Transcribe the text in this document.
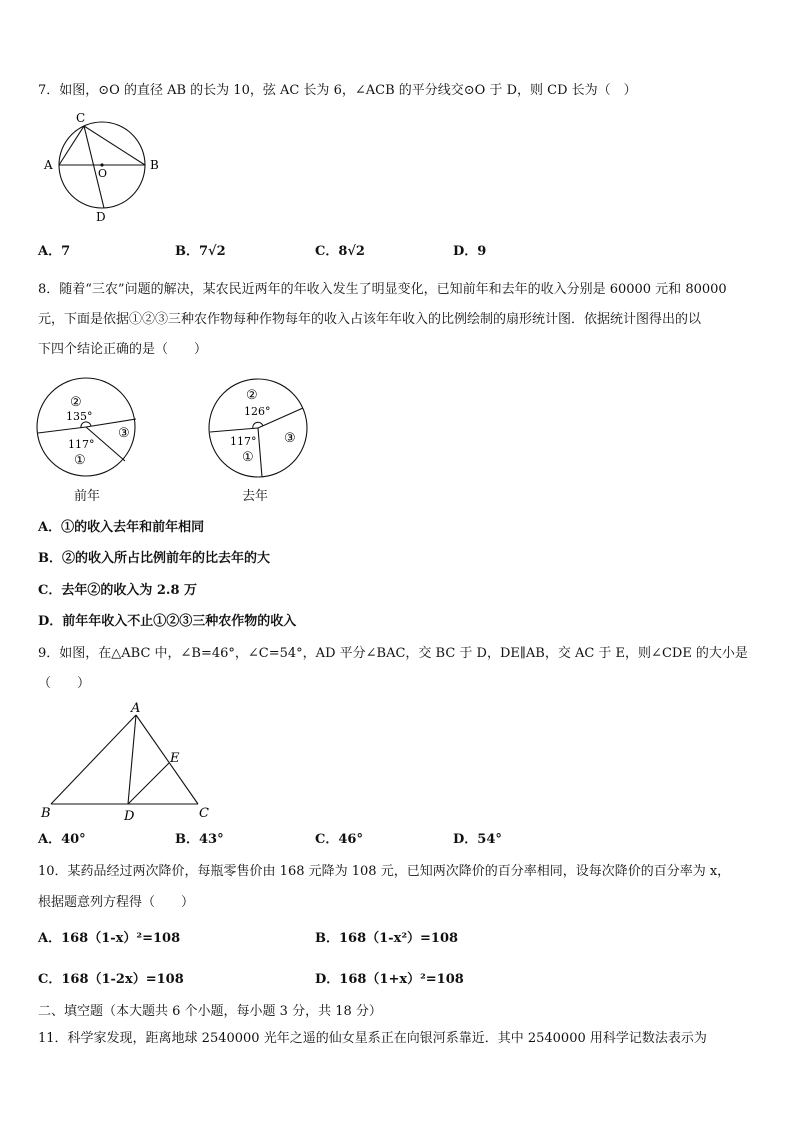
7．如图，⊙O 的直径 AB 的长为 10，弦 AC 长为 6，∠ACB 的平分线交⊙O 于 D，则 CD 长为（　）
A	B
C
D
O
A．7	B．7√2	C．8√2	D．9
8．随着“三农”问题的解决，某农民近两年的年收入发生了明显变化，已知前年和去年的收入分别是 60000 元和 80000
元，下面是依据①②③三种农作物每种作物每年的收入占该年年收入的比例绘制的扇形统计图．依据统计图得出的以
下四个结论正确的是（　　）
②
135°
117°
①
③
前年
②
126°
117°
①
③
去年
A．①的收入去年和前年相同
B．②的收入所占比例前年的比去年的大
C．去年②的收入为 2.8 万
D．前年年收入不止①②③三种农作物的收入
9．如图，在△ABC 中，∠B=46°，∠C=54°，AD 平分∠BAC，交 BC 于 D，DE∥AB，交 AC 于 E，则∠CDE 的大小是
（　　）
A
B	C
D
E
A．40°	B．43°	C．46°	D．54°
10．某药品经过两次降价，每瓶零售价由 168 元降为 108 元，已知两次降价的百分率相同，设每次降价的百分率为 x，
根据题意列方程得（　　）
A．168（1-x）²=108	B．168（1-x²）=108
C．168（1-2x）=108	D．168（1+x）²=108
二、填空题（本大题共 6 个小题，每小题 3 分，共 18 分）
11．科学家发现，距离地球 2540000 光年之遥的仙女星系正在向银河系靠近．其中 2540000 用科学记数法表示为
